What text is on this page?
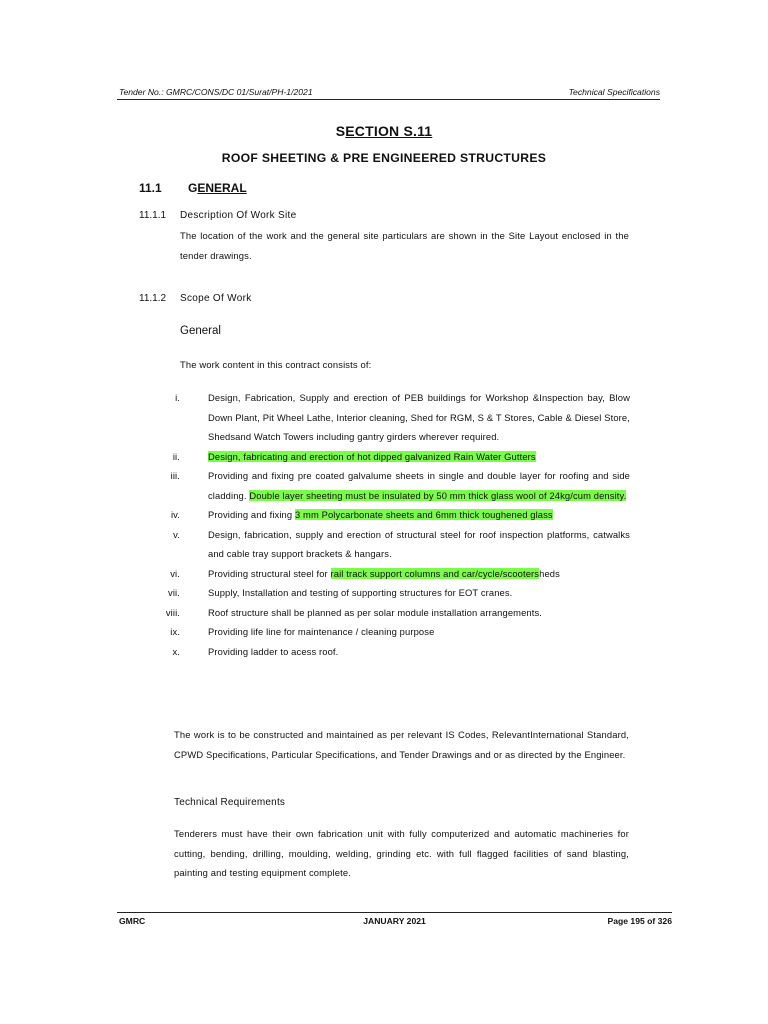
Tender No.: GMRC/CONS/DC 01/Surat/PH-1/2021	Technical Specifications
SECTION S.11
ROOF SHEETING & PRE ENGINEERED STRUCTURES
11.1 GENERAL
11.1.1 Description Of Work Site
The location of the work and the general site particulars are shown in the Site Layout enclosed in the tender drawings.
11.1.2 Scope Of Work
General
The work content in this contract consists of:
i.	Design, Fabrication, Supply and erection of PEB buildings for Workshop &Inspection bay, Blow Down Plant, Pit Wheel Lathe, Interior cleaning, Shed for RGM, S & T Stores, Cable & Diesel Store, Shedsand Watch Towers including gantry girders wherever required.
ii.	Design, fabricating and erection of hot dipped galvanized Rain Water Gutters
iii.	Providing and fixing pre coated galvalume sheets in single and double layer for roofing and side cladding. Double layer sheeting must be insulated by 50 mm thick glass wool of 24kg/cum density.
iv.	Providing and fixing 3 mm Polycarbonate sheets and 6mm thick toughened glass
v.	Design, fabrication, supply and erection of structural steel for roof inspection platforms, catwalks and cable tray support brackets & hangars.
vi.	Providing structural steel for rail track support columns and car/cycle/scootersheds
vii.	Supply, Installation and testing of supporting structures for EOT cranes.
viii.	Roof structure shall be planned as per solar module installation arrangements.
ix.	Providing life line for maintenance / cleaning purpose
x.	Providing ladder to acess roof.
The work is to be constructed and maintained as per relevant IS Codes, RelevantInternational Standard, CPWD Specifications, Particular Specifications, and Tender Drawings and or as directed by the Engineer.
Technical Requirements
Tenderers must have their own fabrication unit with fully computerized and automatic machineries for cutting, bending, drilling, moulding, welding, grinding etc. with full flagged facilities of sand blasting, painting and testing equipment complete.
GMRC	JANUARY 2021	Page 195 of 326
